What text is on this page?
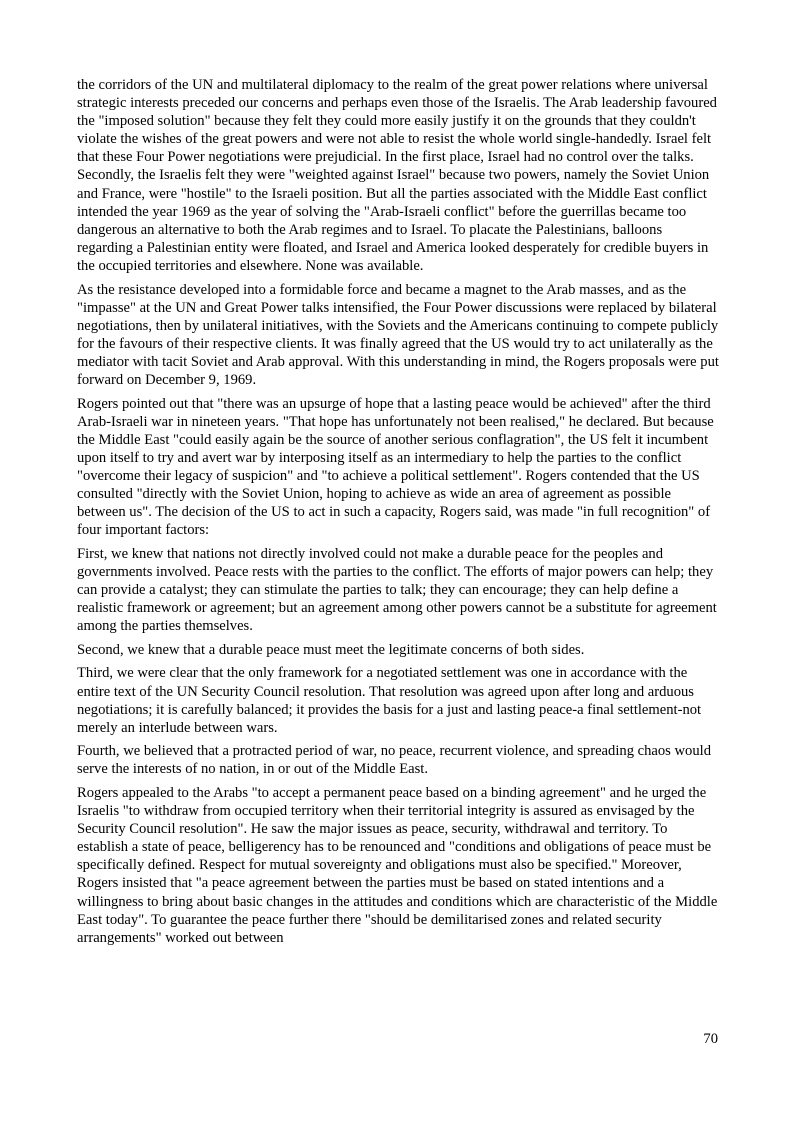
the corridors of the UN and multilateral diplomacy to the realm of the great power relations where universal strategic interests preceded our concerns and perhaps even those of the Israelis. The Arab leadership favoured the "imposed solution" because they felt they could more easily justify it on the grounds that they couldn't violate the wishes of the great powers and were not able to resist the whole world single-handedly. Israel felt that these Four Power negotiations were prejudicial. In the first place, Israel had no control over the talks. Secondly, the Israelis felt they were "weighted against Israel" because two powers, namely the Soviet Union and France, were "hostile" to the Israeli position. But all the parties associated with the Middle East conflict intended the year 1969 as the year of solving the "Arab-Israeli conflict" before the guerrillas became too dangerous an alternative to both the Arab regimes and to Israel. To placate the Palestinians, balloons regarding a Palestinian entity were floated, and Israel and America looked desperately for credible buyers in the occupied territories and elsewhere. None was available.

As the resistance developed into a formidable force and became a magnet to the Arab masses, and as the "impasse" at the UN and Great Power talks intensified, the Four Power discussions were replaced by bilateral negotiations, then by unilateral initiatives, with the Soviets and the Americans continuing to compete publicly for the favours of their respective clients. It was finally agreed that the US would try to act unilaterally as the mediator with tacit Soviet and Arab approval. With this understanding in mind, the Rogers proposals were put forward on December 9, 1969.

Rogers pointed out that "there was an upsurge of hope that a lasting peace would be achieved" after the third Arab-Israeli war in nineteen years. "That hope has unfortunately not been realised," he declared. But because the Middle East "could easily again be the source of another serious conflagration", the US felt it incumbent upon itself to try and avert war by interposing itself as an intermediary to help the parties to the conflict "overcome their legacy of suspicion" and "to achieve a political settlement". Rogers contended that the US consulted "directly with the Soviet Union, hoping to achieve as wide an area of agreement as possible between us". The decision of the US to act in such a capacity, Rogers said, was made "in full recognition" of four important factors:

First, we knew that nations not directly involved could not make a durable peace for the peoples and governments involved. Peace rests with the parties to the conflict. The efforts of major powers can help; they can provide a catalyst; they can stimulate the parties to talk; they can encourage; they can help define a realistic framework or agreement; but an agreement among other powers cannot be a substitute for agreement among the parties themselves.

Second, we knew that a durable peace must meet the legitimate concerns of both sides.

Third, we were clear that the only framework for a negotiated settlement was one in accordance with the entire text of the UN Security Council resolution. That resolution was agreed upon after long and arduous negotiations; it is carefully balanced; it provides the basis for a just and lasting peace-a final settlement-not merely an interlude between wars.

Fourth, we believed that a protracted period of war, no peace, recurrent violence, and spreading chaos would serve the interests of no nation, in or out of the Middle East.

Rogers appealed to the Arabs "to accept a permanent peace based on a binding agreement" and he urged the Israelis "to withdraw from occupied territory when their territorial integrity is assured as envisaged by the Security Council resolution". He saw the major issues as peace, security, withdrawal and territory. To establish a state of peace, belligerency has to be renounced and "conditions and obligations of peace must be specifically defined. Respect for mutual sovereignty and obligations must also be specified." Moreover, Rogers insisted that "a peace agreement between the parties must be based on stated intentions and a willingness to bring about basic changes in the attitudes and conditions which are characteristic of the Middle East today". To guarantee the peace further there "should be demilitarised zones and related security arrangements" worked out between

70
